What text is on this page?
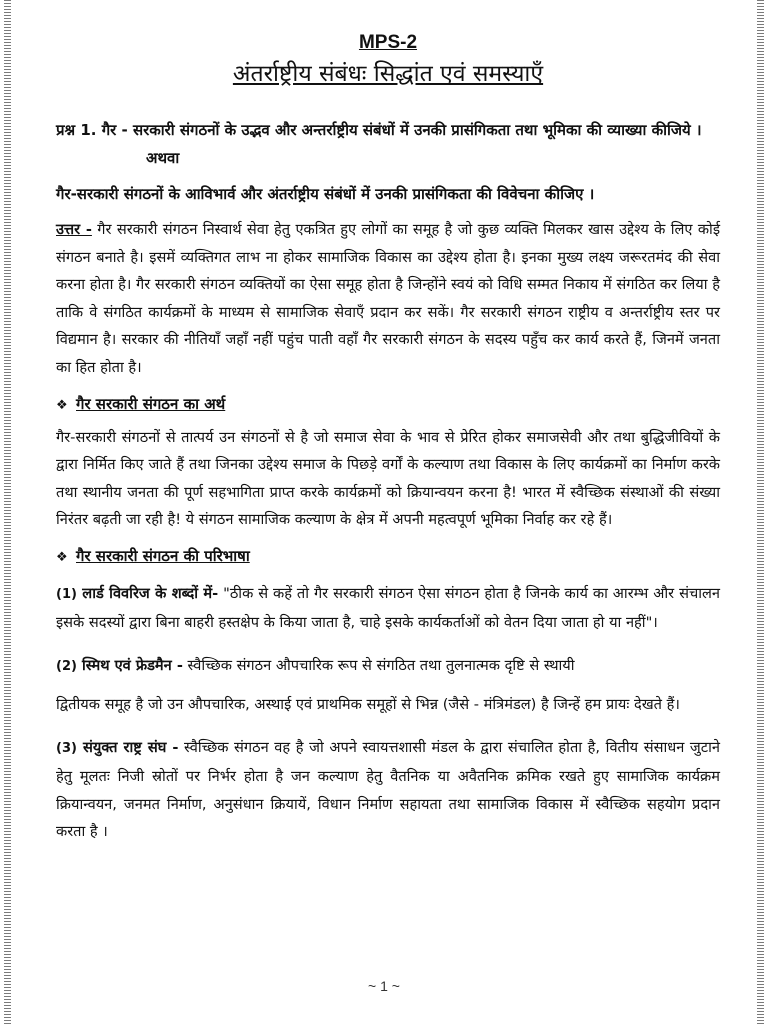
MPS-2
अंतर्राष्ट्रीय संबंधः सिद्धांत एवं समस्याएँ
प्रश्न 1. गैर - सरकारी संगठनों के उद्भव और अन्तर्राष्ट्रीय संबंधों में उनकी प्रासंगिकता तथा भूमिका की व्याख्या कीजिये ।अथवा
गैर-सरकारी संगठनों के आविभार्व और अंतर्राष्ट्रीय संबंधों में उनकी प्रासंगिकता की विवेचना कीजिए ।

उत्तर - गैर सरकारी संगठन निस्वार्थ सेवा हेतु एकत्रित हुए लोगों का समूह है जो कुछ व्यक्ति मिलकर खास उद्देश्य के लिए कोई संगठन बनाते है। इसमें व्यक्तिगत लाभ ना होकर सामाजिक विकास का उद्देश्य होता है। इनका मुख्य लक्ष्य जरूरतमंद की सेवा करना होता है। गैर सरकारी संगठन व्यक्तियों का ऐसा समूह होता है जिन्होंने स्वयं को विधि सम्मत निकाय में संगठित कर लिया है ताकि वे संगठित कार्यक्रमों के माध्यम से सामाजिक सेवाएँ प्रदान कर सकें। गैर सरकारी संगठन राष्ट्रीय व अन्तर्राष्ट्रीय स्तर पर विद्यमान है। सरकार की नीतियाँ जहाँ नहीं पहुंच पाती वहाँ गैर सरकारी संगठन के सदस्य पहुँच कर कार्य करते हैं, जिनमें जनता का हित होता है।

❖ गैर सरकारी संगठन का अर्थ

गैर-सरकारी संगठनों से तात्पर्य उन संगठनों से है जो समाज सेवा के भाव से प्रेरित होकर समाजसेवी और तथा बुद्धिजीवियों के द्वारा निर्मित किए जाते हैं तथा जिनका उद्देश्य समाज के पिछड़े वर्गों के कल्याण तथा विकास के लिए कार्यक्रमों का निर्माण करके तथा स्थानीय जनता की पूर्ण सहभागिता प्राप्त करके कार्यक्रमों को क्रियान्वयन करना है! भारत में स्वैच्छिक संस्थाओं की संख्या निरंतर बढ़ती जा रही है! ये संगठन सामाजिक कल्याण के क्षेत्र में अपनी महत्वपूर्ण भूमिका निर्वाह कर रहे हैं।

❖ गैर सरकारी संगठन की परिभाषा

(1) लार्ड विवरिज के शब्दों में- "ठीक से कहें तो गैर सरकारी संगठन ऐसा संगठन होता है जिनके कार्य का आरम्भ और संचालन इसके सदस्यों द्वारा बिना बाहरी हस्तक्षेप के किया जाता है, चाहे इसके कार्यकर्ताओं को वेतन दिया जाता हो या नहीं"।

(2) स्मिथ एवं फ्रेडमैन - स्वैच्छिक संगठन औपचारिक रूप से संगठित तथा तुलनात्मक दृष्टि से स्थायी

द्वितीयक समूह है जो उन औपचारिक, अस्थाई एवं प्राथमिक समूहों से भिन्न (जैसे - मंत्रिमंडल) है जिन्हें हम प्रायः देखते हैं।

(3) संयुक्त राष्ट्र संघ - स्वैच्छिक संगठन वह है जो अपने स्वायत्तशासी मंडल के द्वारा संचालित होता है, वितीय संसाधन जुटाने हेतु मूलतः निजी स्रोतों पर निर्भर होता है जन कल्याण हेतु वैतनिक या अवैतनिक क्रमिक रखते हुए सामाजिक कार्यक्रम क्रियान्वयन, जनमत निर्माण, अनुसंधान क्रियायें, विधान निर्माण सहायता तथा सामाजिक विकास में स्वैच्छिक सहयोग प्रदान करता है ।

~ 1 ~
